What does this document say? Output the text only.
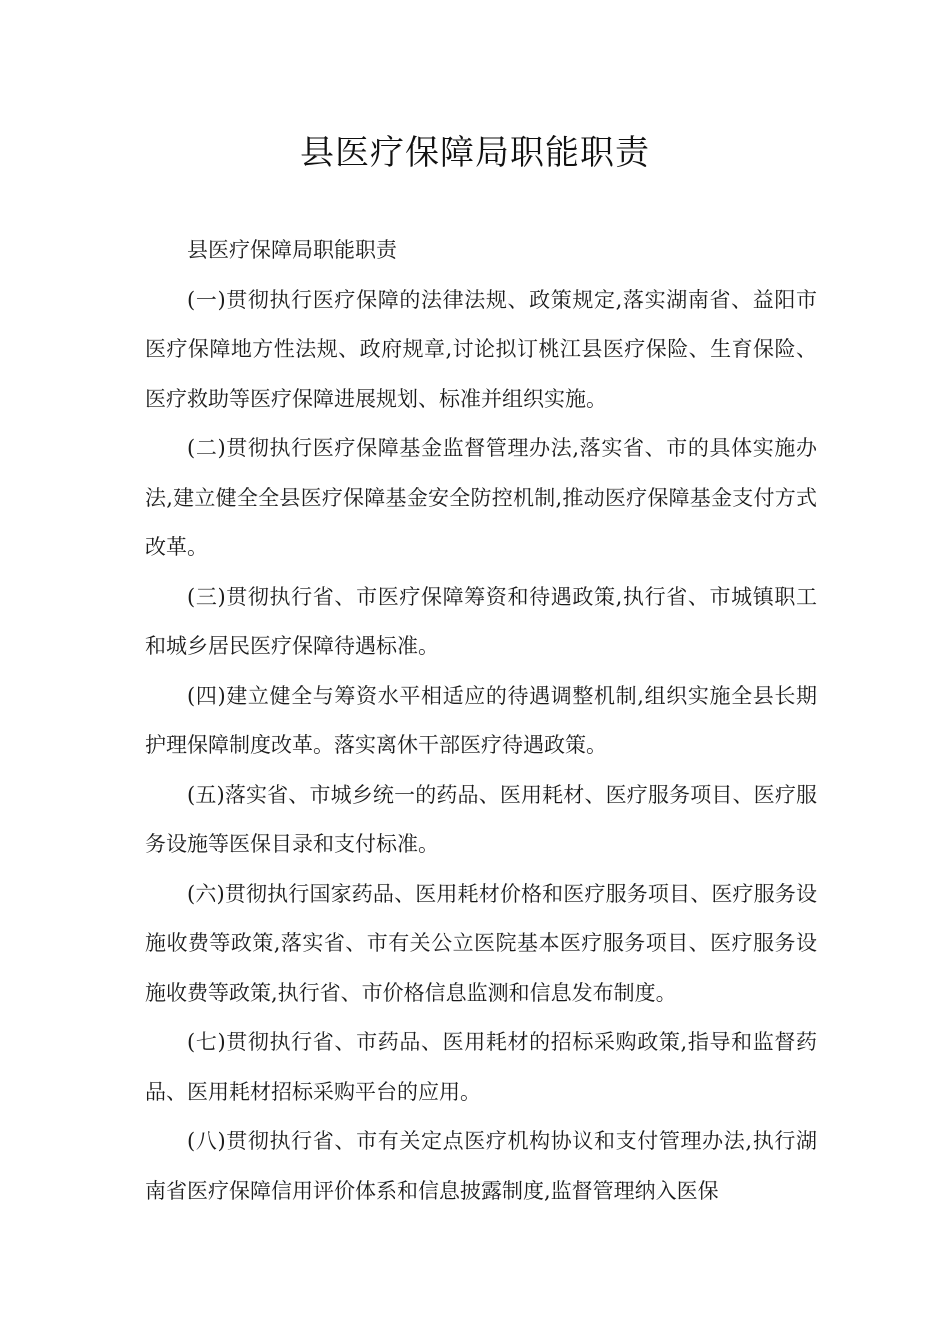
县医疗保障局职能职责

县医疗保障局职能职责

(一)贯彻执行医疗保障的法律法规、政策规定,落实湖南省、益阳市医疗保障地方性法规、政府规章,讨论拟订桃江县医疗保险、生育保险、医疗救助等医疗保障进展规划、标准并组织实施。

(二)贯彻执行医疗保障基金监督管理办法,落实省、市的具体实施办法,建立健全全县医疗保障基金安全防控机制,推动医疗保障基金支付方式改革。

(三)贯彻执行省、市医疗保障筹资和待遇政策,执行省、市城镇职工和城乡居民医疗保障待遇标准。

(四)建立健全与筹资水平相适应的待遇调整机制,组织实施全县长期护理保障制度改革。落实离休干部医疗待遇政策。

(五)落实省、市城乡统一的药品、医用耗材、医疗服务项目、医疗服务设施等医保目录和支付标准。

(六)贯彻执行国家药品、医用耗材价格和医疗服务项目、医疗服务设施收费等政策,落实省、市有关公立医院基本医疗服务项目、医疗服务设施收费等政策,执行省、市价格信息监测和信息发布制度。

(七)贯彻执行省、市药品、医用耗材的招标采购政策,指导和监督药品、医用耗材招标采购平台的应用。

(八)贯彻执行省、市有关定点医疗机构协议和支付管理办法,执行湖南省医疗保障信用评价体系和信息披露制度,监督管理纳入医保
